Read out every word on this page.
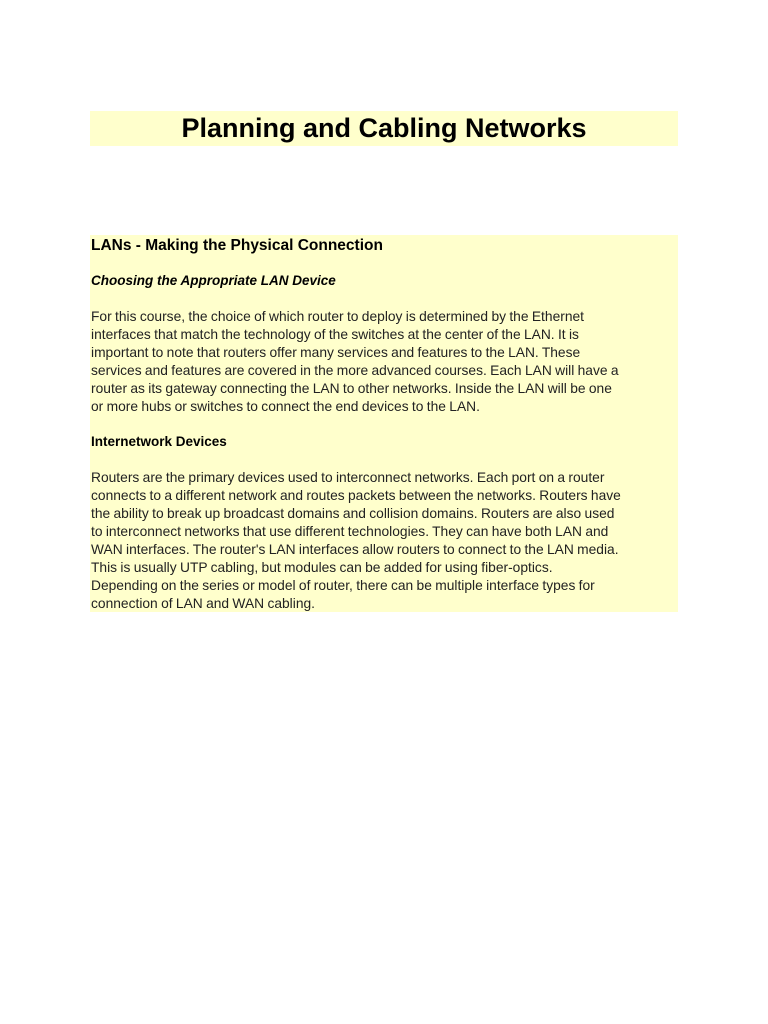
Planning and Cabling Networks
LANs - Making the Physical Connection
Choosing the Appropriate LAN Device
For this course, the choice of which router to deploy is determined by the Ethernet
interfaces that match the technology of the switches at the center of the LAN. It is
important to note that routers offer many services and features to the LAN. These
services and features are covered in the more advanced courses. Each LAN will have a
router as its gateway connecting the LAN to other networks. Inside the LAN will be one
or more hubs or switches to connect the end devices to the LAN.
Internetwork Devices
Routers are the primary devices used to interconnect networks. Each port on a router
connects to a different network and routes packets between the networks. Routers have
the ability to break up broadcast domains and collision domains. Routers are also used
to interconnect networks that use different technologies. They can have both LAN and
WAN interfaces. The router's LAN interfaces allow routers to connect to the LAN media.
This is usually UTP cabling, but modules can be added for using fiber-optics.
Depending on the series or model of router, there can be multiple interface types for
connection of LAN and WAN cabling.
